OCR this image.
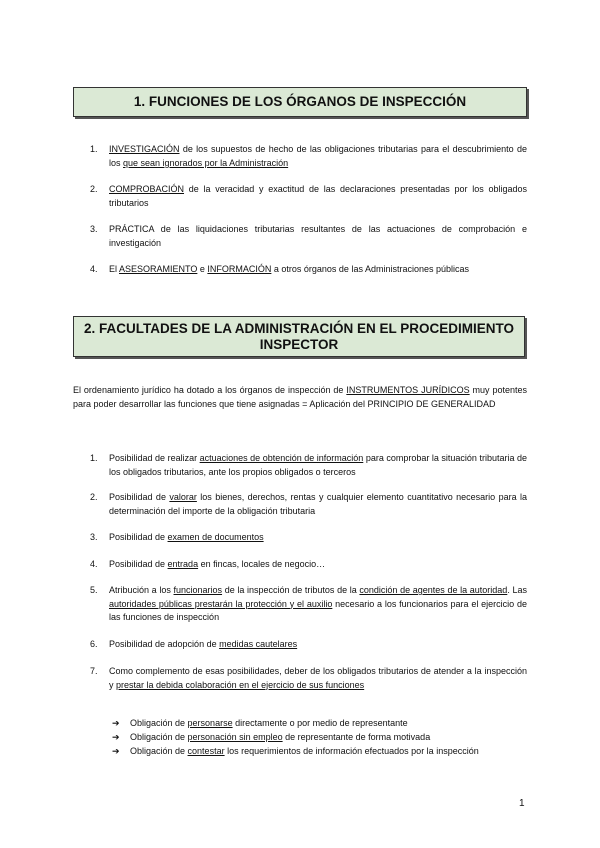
1. FUNCIONES DE LOS ÓRGANOS DE INSPECCIÓN
1. INVESTIGACIÓN de los supuestos de hecho de las obligaciones tributarias para el descubrimiento de los que sean ignorados por la Administración
2. COMPROBACIÓN de la veracidad y exactitud de las declaraciones presentadas por los obligados tributarios
3. PRÁCTICA de las liquidaciones tributarias resultantes de las actuaciones de comprobación e investigación
4. El ASESORAMIENTO e INFORMACIÓN a otros órganos de las Administraciones públicas
2. FACULTADES DE LA ADMINISTRACIÓN EN EL PROCEDIMIENTO INSPECTOR
El ordenamiento jurídico ha dotado a los órganos de inspección de INSTRUMENTOS JURÍDICOS muy potentes para poder desarrollar las funciones que tiene asignadas = Aplicación del PRINCIPIO DE GENERALIDAD
1. Posibilidad de realizar actuaciones de obtención de información para comprobar la situación tributaria de los obligados tributarios, ante los propios obligados o terceros
2. Posibilidad de valorar los bienes, derechos, rentas y cualquier elemento cuantitativo necesario para la determinación del importe de la obligación tributaria
3. Posibilidad de examen de documentos
4. Posibilidad de entrada en fincas, locales de negocio…
5. Atribución a los funcionarios de la inspección de tributos de la condición de agentes de la autoridad. Las autoridades públicas prestarán la protección y el auxilio necesario a los funcionarios para el ejercicio de las funciones de inspección
6. Posibilidad de adopción de medidas cautelares
7. Como complemento de esas posibilidades, deber de los obligados tributarios de atender a la inspección y prestar la debida colaboración en el ejercicio de sus funciones
➔ Obligación de personarse directamente o por medio de representante
➔ Obligación de personación sin empleo de representante de forma motivada
➔ Obligación de contestar los requerimientos de información efectuados por la inspección
1
